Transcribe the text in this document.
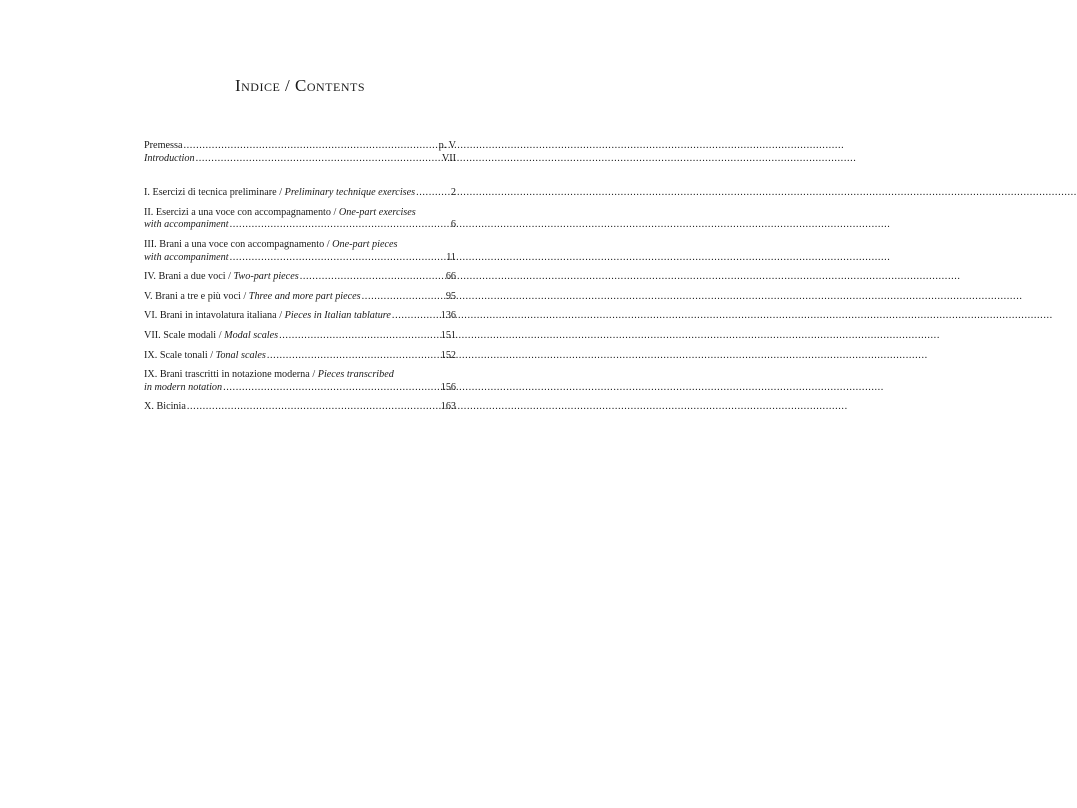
Indice / Contents
Premessa .....	p. V
Introduction .....	VII
I. Esercizi di tecnica preliminare / Preliminary technique exercises .....	2
II. Esercizi a una voce con accompagnamento / One-part exercises
with accompaniment .....	6
III. Brani a una voce con accompagnamento / One-part pieces
with accompaniment .....	11
IV. Brani a due voci / Two-part pieces .....	66
V. Brani a tre e più voci / Three and more part pieces .....	95
VI. Brani in intavolatura italiana / Pieces in Italian tablature .....	136
VII. Scale modali / Modal scales .....	151
IX. Scale tonali / Tonal scales .....	152
IX. Brani trascritti in notazione moderna / Pieces transcribed
in modern notation .....	156
X. Bicinia .....	163
